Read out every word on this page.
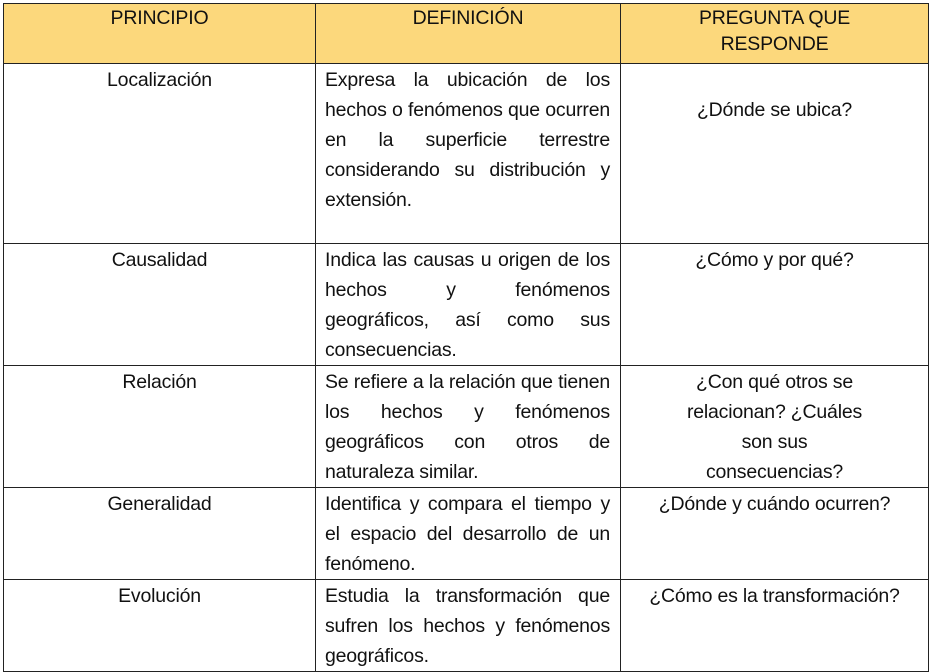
PRINCIPIO	DEFINICIÓN	PREGUNTA QUE RESPONDE
Localización	Expresa la ubicación de los hechos o fenómenos que ocurren en la superficie terrestre considerando su distribución y extensión.	¿Dónde se ubica?
Causalidad	Indica las causas u origen de los hechos y fenómenos geográficos, así como sus consecuencias.	¿Cómo y por qué?
Relación	Se refiere a la relación que tienen los hechos y fenómenos geográficos con otros de naturaleza similar.	¿Con qué otros se relacionan? ¿Cuáles son sus consecuencias?
Generalidad	Identifica y compara el tiempo y el espacio del desarrollo de un fenómeno.	¿Dónde y cuándo ocurren?
Evolución	Estudia la transformación que sufren los hechos y fenómenos geográficos.	¿Cómo es la transformación?
